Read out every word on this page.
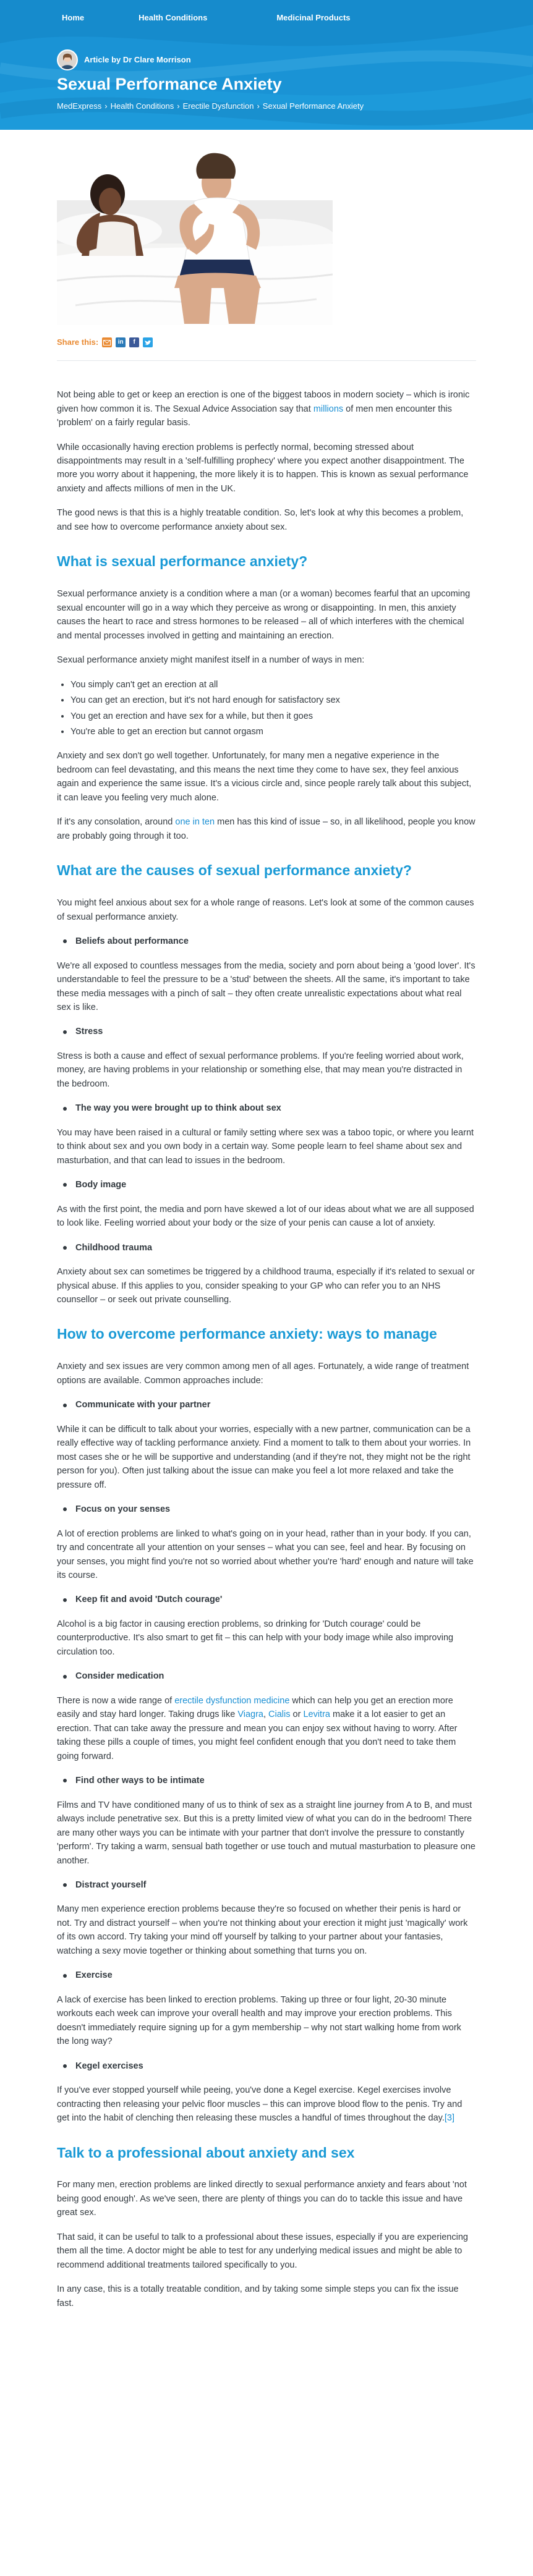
Home	Health Conditions	Medicinal Products
Article by Dr Clare Morrison
Sexual Performance Anxiety
MedExpress › Health Conditions › Erectile Dysfunction › Sexual Performance Anxiety
Share this:	in	f

Not being able to get or keep an erection is one of the biggest taboos in modern society – which is ironic given how common it is. The Sexual Advice Association say that millions of men men encounter this 'problem' on a fairly regular basis.

While occasionally having erection problems is perfectly normal, becoming stressed about disappointments may result in a 'self-fulfilling prophecy' where you expect another disappointment. The more you worry about it happening, the more likely it is to happen. This is known as sexual performance anxiety and affects millions of men in the UK.

The good news is that this is a highly treatable condition. So, let's look at why this becomes a problem, and see how to overcome performance anxiety about sex.

What is sexual performance anxiety?

Sexual performance anxiety is a condition where a man (or a woman) becomes fearful that an upcoming sexual encounter will go in a way which they perceive as wrong or disappointing. In men, this anxiety causes the heart to race and stress hormones to be released – all of which interferes with the chemical and mental processes involved in getting and maintaining an erection.

Sexual performance anxiety might manifest itself in a number of ways in men:

• You simply can't get an erection at all
• You can get an erection, but it's not hard enough for satisfactory sex
• You get an erection and have sex for a while, but then it goes
• You're able to get an erection but cannot orgasm

Anxiety and sex don't go well together. Unfortunately, for many men a negative experience in the bedroom can feel devastating, and this means the next time they come to have sex, they feel anxious again and experience the same issue. It's a vicious circle and, since people rarely talk about this subject, it can leave you feeling very much alone.

If it's any consolation, around one in ten men has this kind of issue – so, in all likelihood, people you know are probably going through it too.

What are the causes of sexual performance anxiety?

You might feel anxious about sex for a whole range of reasons. Let's look at some of the common causes of sexual performance anxiety.

Beliefs about performance

We're all exposed to countless messages from the media, society and porn about being a 'good lover'. It's understandable to feel the pressure to be a 'stud' between the sheets. All the same, it's important to take these media messages with a pinch of salt – they often create unrealistic expectations about what real sex is like.

Stress

Stress is both a cause and effect of sexual performance problems. If you're feeling worried about work, money, are having problems in your relationship or something else, that may mean you're distracted in the bedroom.

The way you were brought up to think about sex

You may have been raised in a cultural or family setting where sex was a taboo topic, or where you learnt to think about sex and you own body in a certain way. Some people learn to feel shame about sex and masturbation, and that can lead to issues in the bedroom.

Body image

As with the first point, the media and porn have skewed a lot of our ideas about what we are all supposed to look like. Feeling worried about your body or the size of your penis can cause a lot of anxiety.

Childhood trauma

Anxiety about sex can sometimes be triggered by a childhood trauma, especially if it's related to sexual or physical abuse. If this applies to you, consider speaking to your GP who can refer you to an NHS counsellor – or seek out private counselling.

How to overcome performance anxiety: ways to manage

Anxiety and sex issues are very common among men of all ages. Fortunately, a wide range of treatment options are available. Common approaches include:

Communicate with your partner

While it can be difficult to talk about your worries, especially with a new partner, communication can be a really effective way of tackling performance anxiety. Find a moment to talk to them about your worries. In most cases she or he will be supportive and understanding (and if they're not, they might not be the right person for you). Often just talking about the issue can make you feel a lot more relaxed and take the pressure off.

Focus on your senses

A lot of erection problems are linked to what's going on in your head, rather than in your body. If you can, try and concentrate all your attention on your senses – what you can see, feel and hear. By focusing on your senses, you might find you're not so worried about whether you're 'hard' enough and nature will take its course.

Keep fit and avoid 'Dutch courage'

Alcohol is a big factor in causing erection problems, so drinking for 'Dutch courage' could be counterproductive. It's also smart to get fit – this can help with your body image while also improving circulation too.

Consider medication

There is now a wide range of erectile dysfunction medicine which can help you get an erection more easily and stay hard longer. Taking drugs like Viagra, Cialis or Levitra make it a lot easier to get an erection. That can take away the pressure and mean you can enjoy sex without having to worry. After taking these pills a couple of times, you might feel confident enough that you don't need to take them going forward.

Find other ways to be intimate

Films and TV have conditioned many of us to think of sex as a straight line journey from A to B, and must always include penetrative sex. But this is a pretty limited view of what you can do in the bedroom! There are many other ways you can be intimate with your partner that don't involve the pressure to constantly 'perform'. Try taking a warm, sensual bath together or use touch and mutual masturbation to pleasure one another.

Distract yourself

Many men experience erection problems because they're so focused on whether their penis is hard or not. Try and distract yourself – when you're not thinking about your erection it might just 'magically' work of its own accord. Try taking your mind off yourself by talking to your partner about your fantasies, watching a sexy movie together or thinking about something that turns you on.

Exercise

A lack of exercise has been linked to erection problems. Taking up three or four light, 20-30 minute workouts each week can improve your overall health and may improve your erection problems. This doesn't immediately require signing up for a gym membership – why not start walking home from work the long way?

Kegel exercises

If you've ever stopped yourself while peeing, you've done a Kegel exercise. Kegel exercises involve contracting then releasing your pelvic floor muscles – this can improve blood flow to the penis. Try and get into the habit of clenching then releasing these muscles a handful of times throughout the day.[3]

Talk to a professional about anxiety and sex

For many men, erection problems are linked directly to sexual performance anxiety and fears about 'not being good enough'. As we've seen, there are plenty of things you can do to tackle this issue and have great sex.

That said, it can be useful to talk to a professional about these issues, especially if you are experiencing them all the time. A doctor might be able to test for any underlying medical issues and might be able to recommend additional treatments tailored specifically to you.

In any case, this is a totally treatable condition, and by taking some simple steps you can fix the issue fast.
